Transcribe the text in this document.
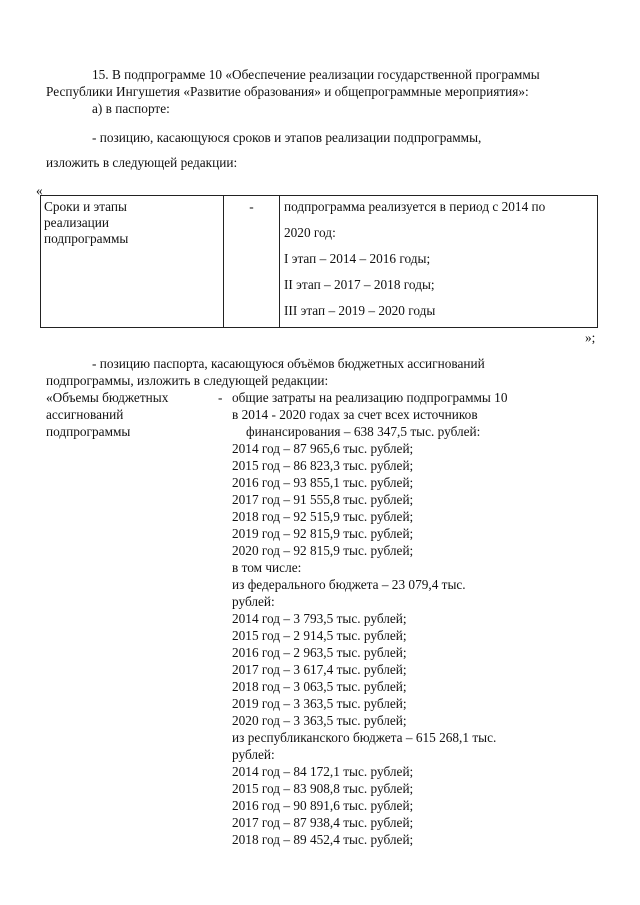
15. В подпрограмме 10 «Обеспечение реализации государственной программы
Республики Ингушетия «Развитие образования» и общепрограммные мероприятия»:
а) в паспорте:
- позицию, касающуюся сроков и этапов реализации подпрограммы,
изложить в следующей редакции:
«
Сроки и этапы
реализации
подпрограммы

-	подпрограмма реализуется в период с 2014 по
2020 год:
I этап – 2014 – 2016 годы;
II этап – 2017 – 2018 годы;
III этап – 2019 – 2020 годы
»;
- позицию паспорта, касающуюся объёмов бюджетных ассигнований
подпрограммы, изложить в следующей редакции:
«Объемы бюджетных
ассигнований
подпрограммы
- общие затраты на реализацию подпрограммы 10
в 2014 - 2020 годах за счет всех источников
финансирования – 638 347,5 тыс. рублей:
2014 год – 87 965,6 тыс. рублей;
2015 год – 86 823,3 тыс. рублей;
2016 год – 93 855,1 тыс. рублей;
2017 год – 91 555,8 тыс. рублей;
2018 год – 92 515,9 тыс. рублей;
2019 год – 92 815,9 тыс. рублей;
2020 год – 92 815,9 тыс. рублей;
в том числе:
из федерального бюджета – 23 079,4 тыс.
рублей:
2014 год – 3 793,5 тыс. рублей;
2015 год – 2 914,5 тыс. рублей;
2016 год – 2 963,5 тыс. рублей;
2017 год – 3 617,4 тыс. рублей;
2018 год – 3 063,5 тыс. рублей;
2019 год – 3 363,5 тыс. рублей;
2020 год – 3 363,5 тыс. рублей;
из республиканского бюджета – 615 268,1 тыс.
рублей:
2014 год – 84 172,1 тыс. рублей;
2015 год – 83 908,8 тыс. рублей;
2016 год – 90 891,6 тыс. рублей;
2017 год – 87 938,4 тыс. рублей;
2018 год – 89 452,4 тыс. рублей;
